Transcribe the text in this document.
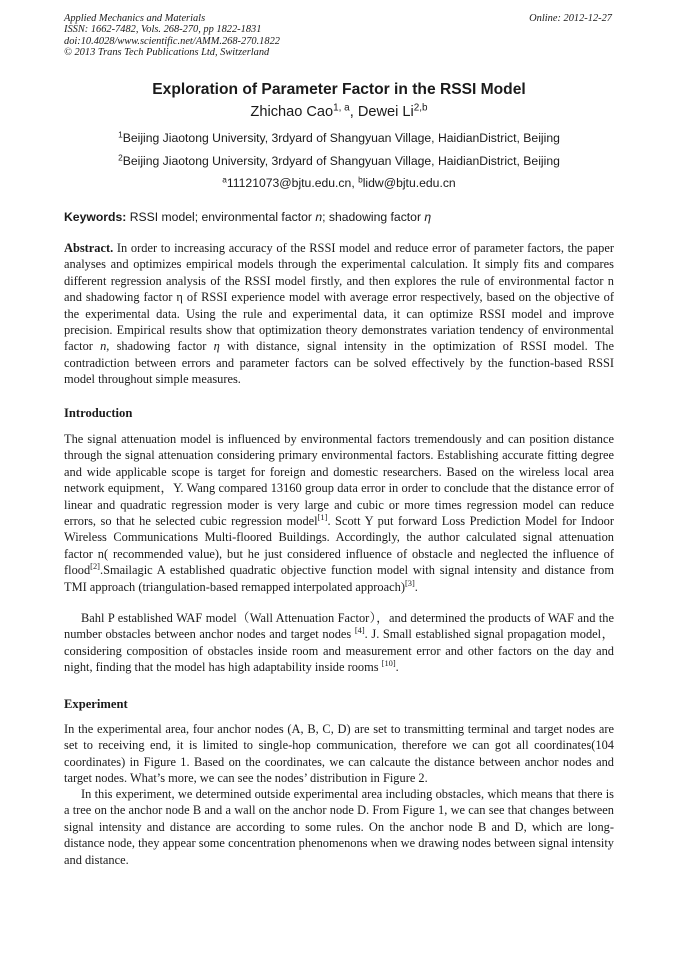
Applied Mechanics and Materials
ISSN: 1662-7482, Vols. 268-270, pp 1822-1831
doi:10.4028/www.scientific.net/AMM.268-270.1822
© 2013 Trans Tech Publications Ltd, Switzerland
Online: 2012-12-27
Exploration of Parameter Factor in the RSSI Model
Zhichao Cao$^{1, a}$, Dewei Li$^{2,b}$
$^1$Beijing Jiaotong University, 3rdyard of Shangyuan Village, HaidianDistrict, Beijing
$^2$Beijing Jiaotong University, 3rdyard of Shangyuan Village, HaidianDistrict, Beijing
$^a$11121073@bjtu.edu.cn, $^b$lidw@bjtu.edu.cn
Keywords: RSSI model; environmental factor n; shadowing factor η

Abstract. In order to increasing accuracy of the RSSI model and reduce error of parameter factors, the paper analyses and optimizes empirical models through the experimental calculation. It simply fits and compares different regression analysis of the RSSI model firstly, and then explores the rule of environmental factor n and shadowing factor η of RSSI experience model with average error respectively, based on the objective of the experimental data. Using the rule and experimental data, it can optimize RSSI model and improve precision. Empirical results show that optimization theory demonstrates variation tendency of environmental factor n, shadowing factor η with distance, signal intensity in the optimization of RSSI model. The contradiction between errors and parameter factors can be solved effectively by the function-based RSSI model throughout simple measures.

Introduction

The signal attenuation model is influenced by environmental factors tremendously and can position distance through the signal attenuation considering primary environmental factors. Establishing accurate fitting degree and wide applicable scope is target for foreign and domestic researchers. Based on the wireless local area network equipment，Y. Wang compared 13160 group data error in order to conclude that the distance error of linear and quadratic regression moder is very large and cubic or more times regression model can reduce errors, so that he selected cubic regression model[1]. Scott Y put forward Loss Prediction Model for Indoor Wireless Communications Multi-floored Buildings. Accordingly, the author calculated signal attenuation factor n( recommended value), but he just considered influence of obstacle and neglected the influence of flood[2].Smailagic A established quadratic objective function model with signal intensity and distance from TMI approach (triangulation-based remapped interpolated approach)[3].

Bahl P established WAF model（Wall Attenuation Factor），and determined the products of WAF and the number obstacles between anchor nodes and target nodes [4]. J. Small established signal propagation model，considering composition of obstacles inside room and measurement error and other factors on the day and night, finding that the model has high adaptability inside rooms [10].

Experiment

In the experimental area, four anchor nodes (A, B, C, D) are set to transmitting terminal and target nodes are set to receiving end, it is limited to single-hop communication, therefore we can got all coordinates(104 coordinates) in Figure 1. Based on the coordinates, we can calcaute the distance between anchor nodes and target nodes. What’s more, we can see the nodes’ distribution in Figure 2.

In this experiment, we determined outside experimental area including obstacles, which means that there is a tree on the anchor node B and a wall on the anchor node D. From Figure 1, we can see that changes between signal intensity and distance are according to some rules. On the anchor node B and D, which are long-distance node, they appear some concentration phenomenons when we drawing nodes between signal intensity and distance.
